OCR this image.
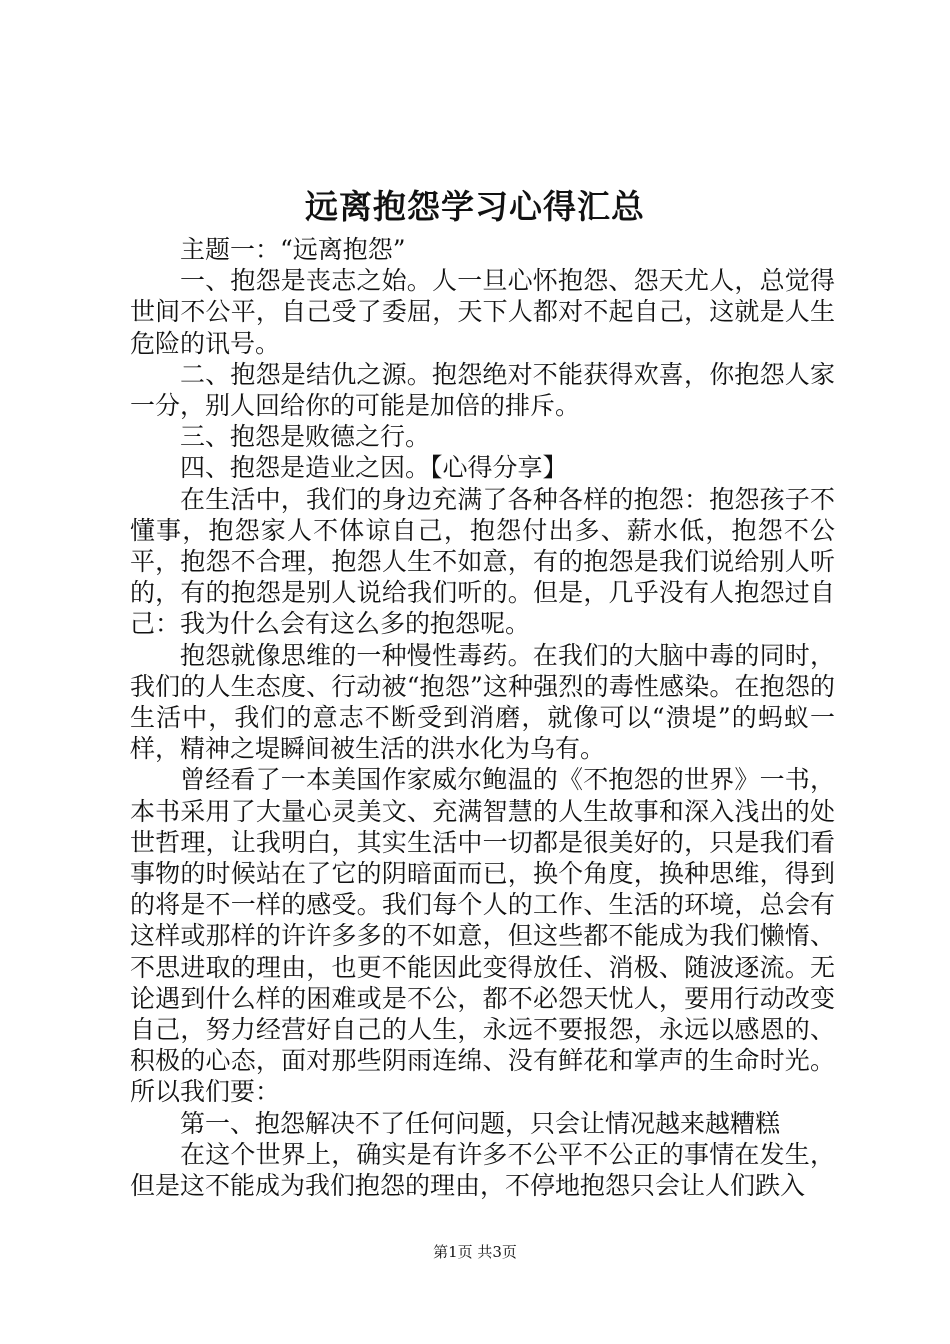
远离抱怨学习心得汇总

主题一：“远离抱怨”

一、抱怨是丧志之始。人一旦心怀抱怨、怨天尤人，总觉得世间不公平，自己受了委屈，天下人都对不起自己，这就是人生危险的讯号。

二、抱怨是结仇之源。抱怨绝对不能获得欢喜，你抱怨人家一分，别人回给你的可能是加倍的排斥。

三、抱怨是败德之行。

四、抱怨是造业之因。【心得分享】

在生活中，我们的身边充满了各种各样的抱怨：抱怨孩子不懂事，抱怨家人不体谅自己，抱怨付出多、薪水低，抱怨不公平，抱怨不合理，抱怨人生不如意，有的抱怨是我们说给别人听的，有的抱怨是别人说给我们听的。但是，几乎没有人抱怨过自己：我为什么会有这么多的抱怨呢。

抱怨就像思维的一种慢性毒药。在我们的大脑中毒的同时，我们的人生态度、行动被“抱怨”这种强烈的毒性感染。在抱怨的生活中，我们的意志不断受到消磨，就像可以“溃堤”的蚂蚁一样，精神之堤瞬间被生活的洪水化为乌有。

曾经看了一本美国作家威尔鲍温的《不抱怨的世界》一书，本书采用了大量心灵美文、充满智慧的人生故事和深入浅出的处世哲理，让我明白，其实生活中一切都是很美好的，只是我们看事物的时候站在了它的阴暗面而已，换个角度，换种思维，得到的将是不一样的感受。我们每个人的工作、生活的环境，总会有这样或那样的许许多多的不如意，但这些都不能成为我们懒惰、不思进取的理由，也更不能因此变得放任、消极、随波逐流。无论遇到什么样的困难或是不公，都不必怨天忧人，要用行动改变自己，努力经营好自己的人生，永远不要报怨，永远以感恩的、积极的心态，面对那些阴雨连绵、没有鲜花和掌声的生命时光。所以我们要：

第一、抱怨解决不了任何问题，只会让情况越来越糟糕

在这个世界上，确实是有许多不公平不公正的事情在发生，但是这不能成为我们抱怨的理由，不停地抱怨只会让人们跌入

第1页 共3页
